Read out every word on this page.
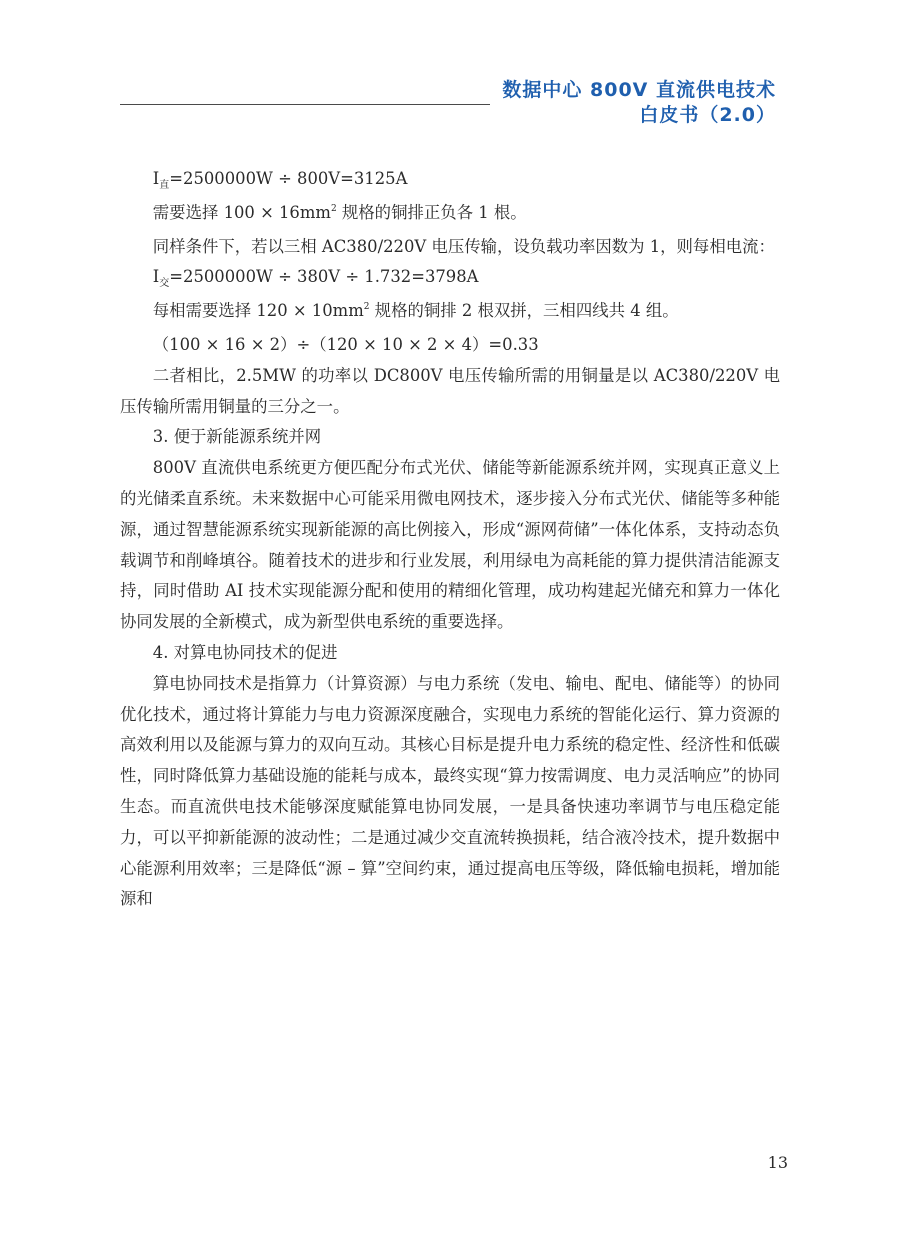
数据中心 800V 直流供电技术
白皮书（2.0）

$I_直=2500000W \div 800V=3125A$

需要选择 $100 \times 16mm^2$ 规格的铜排正负各 1 根。

同样条件下，若以三相 AC380/220V 电压传输，设负载功率因数为 1，则每相电流：

$I_交=2500000W \div 380V \div 1.732=3798A$

每相需要选择 $120 \times 10mm^2$ 规格的铜排 2 根双拼，三相四线共 4 组。

（100 × 16 × 2）÷（120 × 10 × 2 × 4）=0.33

二者相比，2.5MW 的功率以 DC800V 电压传输所需的用铜量是以 AC380/220V 电压传输所需用铜量的三分之一。

3. 便于新能源系统并网

800V 直流供电系统更方便匹配分布式光伏、储能等新能源系统并网，实现真正意义上的光储柔直系统。未来数据中心可能采用微电网技术，逐步接入分布式光伏、储能等多种能源，通过智慧能源系统实现新能源的高比例接入，形成“源网荷储”一体化体系，支持动态负载调节和削峰填谷。随着技术的进步和行业发展，利用绿电为高耗能的算力提供清洁能源支持，同时借助 AI 技术实现能源分配和使用的精细化管理，成功构建起光储充和算力一体化协同发展的全新模式，成为新型供电系统的重要选择。

4. 对算电协同技术的促进

算电协同技术是指算力（计算资源）与电力系统（发电、输电、配电、储能等）的协同优化技术，通过将计算能力与电力资源深度融合，实现电力系统的智能化运行、算力资源的高效利用以及能源与算力的双向互动。其核心目标是提升电力系统的稳定性、经济性和低碳性，同时降低算力基础设施的能耗与成本，最终实现“算力按需调度、电力灵活响应”的协同生态。而直流供电技术能够深度赋能算电协同发展，一是具备快速功率调节与电压稳定能力，可以平抑新能源的波动性；二是通过减少交直流转换损耗，结合液冷技术，提升数据中心能源利用效率；三是降低“源 – 算”空间约束，通过提高电压等级，降低输电损耗，增加能源和

13
